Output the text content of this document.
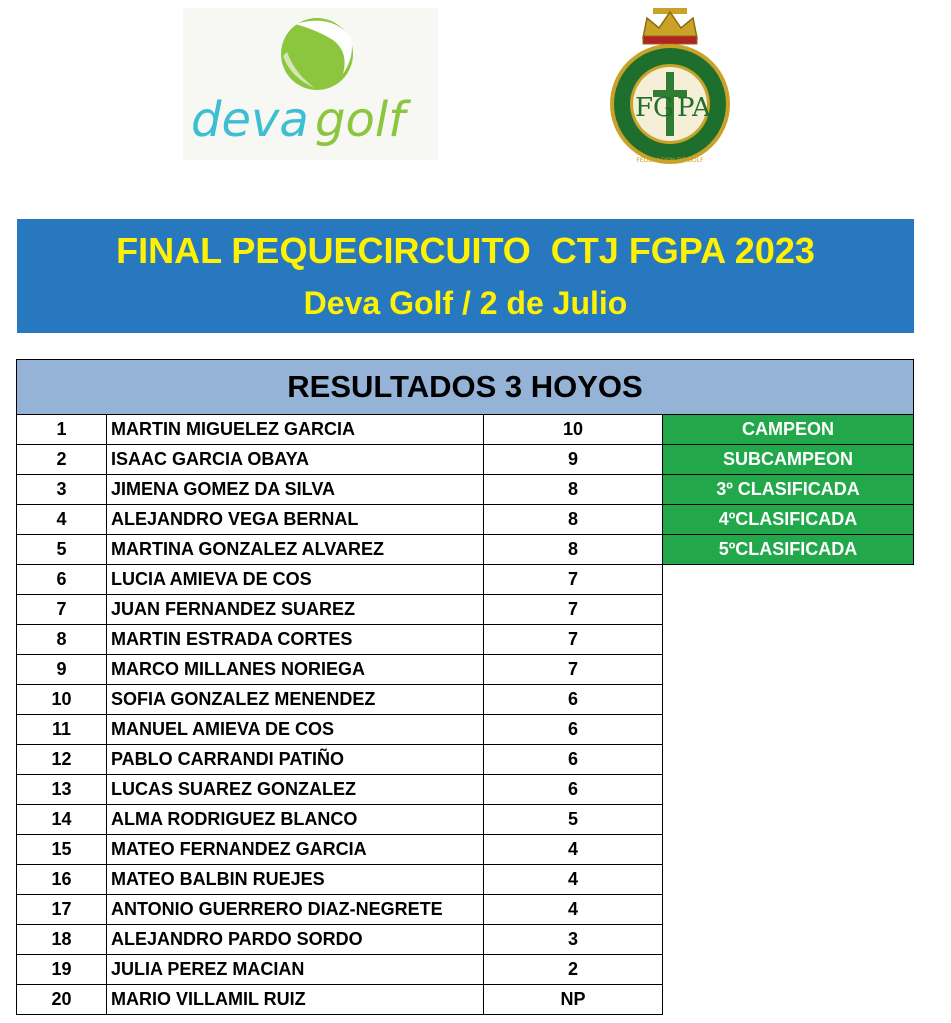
deva golf	FG PA
FEDERACION DE GOLF
FINAL PEQUECIRCUITO  CTJ FGPA 2023
Deva Golf / 2 de Julio
RESULTADOS 3 HOYOS
1	MARTIN MIGUELEZ GARCIA	10	CAMPEON
2	ISAAC GARCIA OBAYA	9	SUBCAMPEON
3	JIMENA GOMEZ DA SILVA	8	3º CLASIFICADA
4	ALEJANDRO VEGA BERNAL	8	4ºCLASIFICADA
5	MARTINA GONZALEZ ALVAREZ	8	5ºCLASIFICADA
6	LUCIA AMIEVA DE COS	7
7	JUAN FERNANDEZ SUAREZ	7
8	MARTIN ESTRADA CORTES	7
9	MARCO MILLANES NORIEGA	7
10	SOFIA GONZALEZ MENENDEZ	6
11	MANUEL AMIEVA DE COS	6
12	PABLO CARRANDI PATIÑO	6
13	LUCAS SUAREZ GONZALEZ	6
14	ALMA RODRIGUEZ BLANCO	5
15	MATEO FERNANDEZ GARCIA	4
16	MATEO BALBIN RUEJES	4
17	ANTONIO GUERRERO DIAZ-NEGRETE	4
18	ALEJANDRO PARDO SORDO	3
19	JULIA PEREZ MACIAN	2
20	MARIO VILLAMIL RUIZ	NP
